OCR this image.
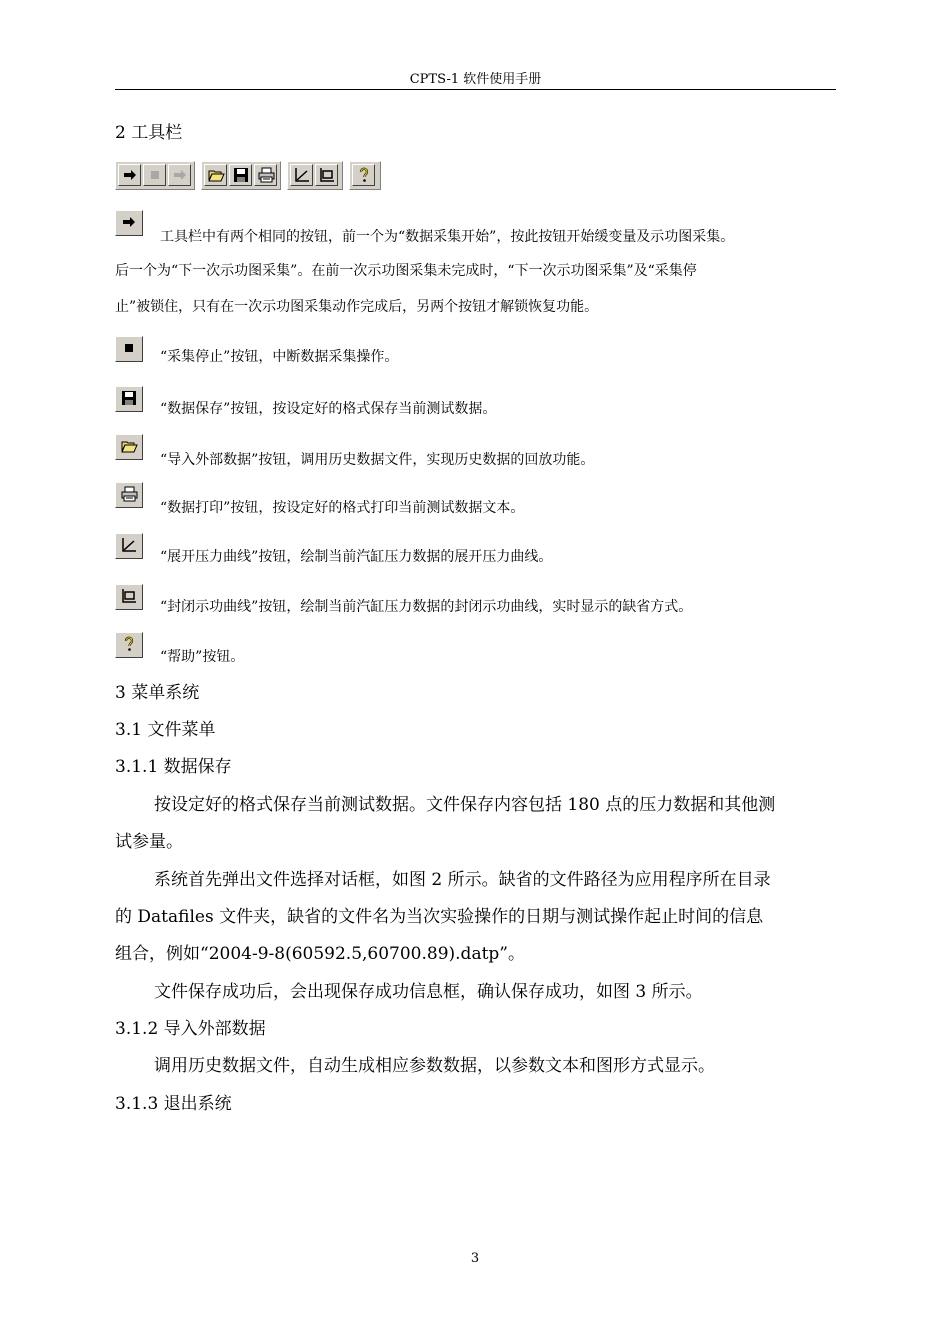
CPTS-1 软件使用手册
2 工具栏
工具栏中有两个相同的按钮，前一个为“数据采集开始”，按此按钮开始缓变量及示功图采集。
后一个为“下一次示功图采集”。在前一次示功图采集未完成时，“下一次示功图采集”及“采集停
止”被锁住，只有在一次示功图采集动作完成后，另两个按钮才解锁恢复功能。
“采集停止”按钮，中断数据采集操作。
“数据保存”按钮，按设定好的格式保存当前测试数据。
“导入外部数据”按钮，调用历史数据文件，实现历史数据的回放功能。
“数据打印”按钮，按设定好的格式打印当前测试数据文本。
“展开压力曲线”按钮，绘制当前汽缸压力数据的展开压力曲线。
“封闭示功曲线”按钮，绘制当前汽缸压力数据的封闭示功曲线，实时显示的缺省方式。
“帮助”按钮。
3 菜单系统
3.1 文件菜单
3.1.1 数据保存
按设定好的格式保存当前测试数据。文件保存内容包括 180 点的压力数据和其他测
试参量。
系统首先弹出文件选择对话框，如图 2 所示。缺省的文件路径为应用程序所在目录
的 Datafiles 文件夹，缺省的文件名为当次实验操作的日期与测试操作起止时间的信息
组合，例如“2004-9-8(60592.5,60700.89).datp”。
文件保存成功后，会出现保存成功信息框，确认保存成功，如图 3 所示。
3.1.2 导入外部数据
调用历史数据文件，自动生成相应参数数据，以参数文本和图形方式显示。
3.1.3 退出系统
3
